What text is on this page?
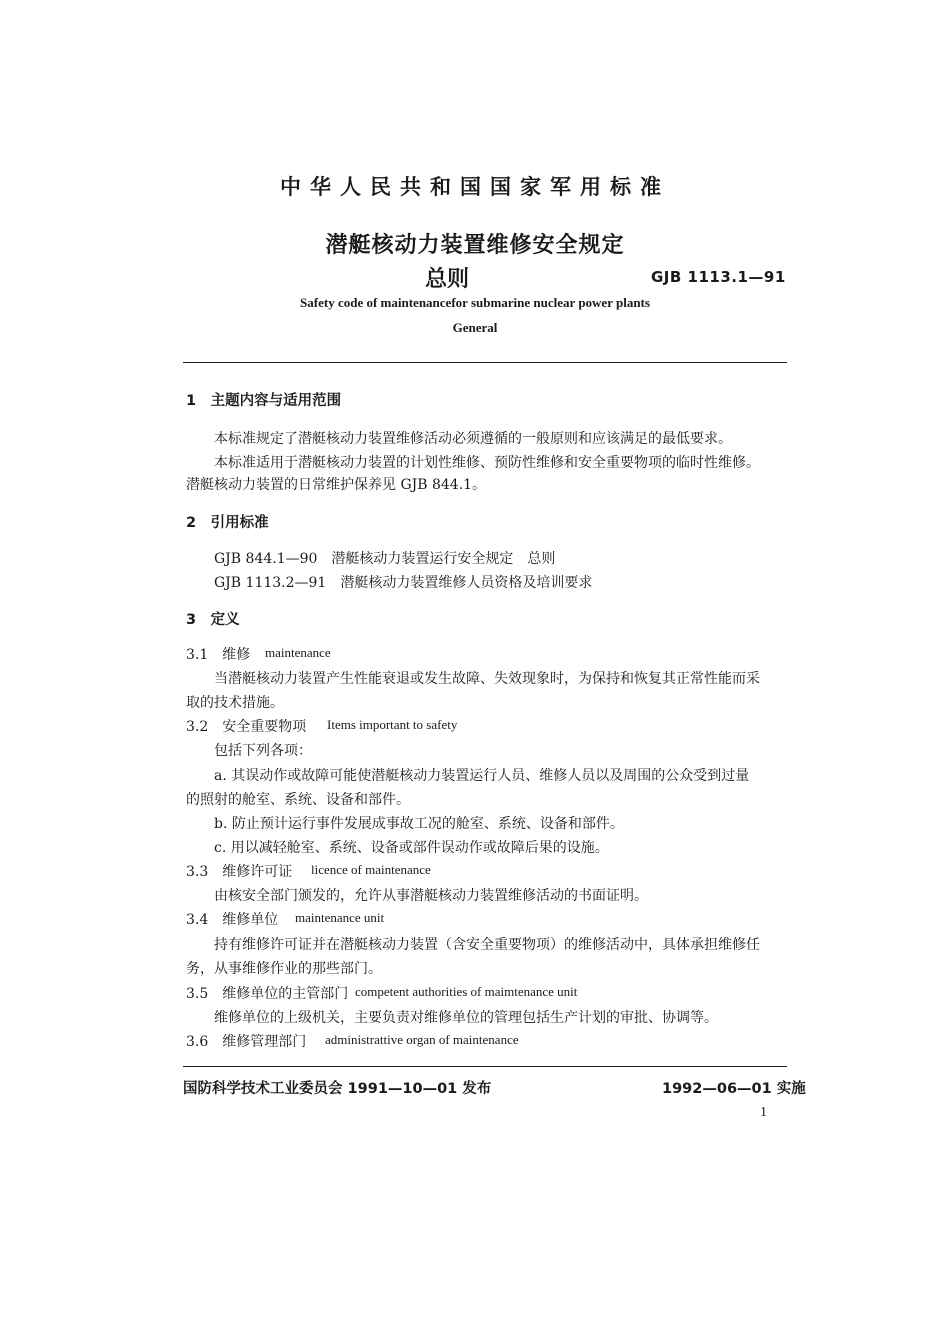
中华人民共和国国家军用标准
潜艇核动力装置维修安全规定
总则	GJB 1113.1—91
Safety code of maintenancefor submarine nuclear power plants
General
1　主题内容与适用范围
本标准规定了潜艇核动力装置维修活动必须遵循的一般原则和应该满足的最低要求。
本标准适用于潜艇核动力装置的计划性维修、预防性维修和安全重要物项的临时性维修。
潜艇核动力装置的日常维护保养见 GJB 844.1。
2　引用标准
GJB 844.1—90　潜艇核动力装置运行安全规定　总则
GJB 1113.2—91　潜艇核动力装置维修人员资格及培训要求
3　定义
3.1　维修 maintenance
当潜艇核动力装置产生性能衰退或发生故障、失效现象时，为保持和恢复其正常性能而采
取的技术措施。
3.2　安全重要物项 Items important to safety
包括下列各项：
a. 其误动作或故障可能使潜艇核动力装置运行人员、维修人员以及周围的公众受到过量
的照射的舱室、系统、设备和部件。
b. 防止预计运行事件发展成事故工况的舱室、系统、设备和部件。
c. 用以减轻舱室、系统、设备或部件误动作或故障后果的设施。
3.3　维修许可证 licence of maintenance
由核安全部门颁发的，允许从事潜艇核动力装置维修活动的书面证明。
3.4　维修单位 maintenance unit
持有维修许可证并在潜艇核动力装置（含安全重要物项）的维修活动中，具体承担维修任
务，从事维修作业的那些部门。
3.5　维修单位的主管部门 competent authorities of maimtenance unit
维修单位的上级机关，主要负责对维修单位的管理包括生产计划的审批、协调等。
3.6　维修管理部门 administrattive organ of maintenance
国防科学技术工业委员会 1991—10—01 发布	1992—06—01 实施
1
